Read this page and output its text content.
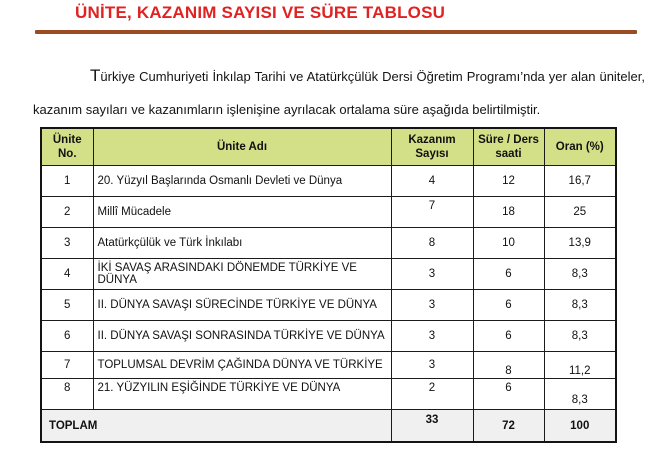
ÜNİTE, KAZANIM SAYISI VE SÜRE TABLOSU

Türkiye Cumhuriyeti İnkılap Tarihi ve Atatürkçülük Dersi Öğretim Programı’nda yer alan üniteler, kazanım sayıları ve kazanımların işlenişine ayrılacak ortalama süre aşağıda belirtilmiştir.

Ünite No.	Ünite Adı	Kazanım Sayısı	Süre / Ders saati	Oran (%)
1	20. Yüzyıl Başlarında Osmanlı Devleti ve Dünya	4	12	16,7
2	Millî Mücadele	7	18	25
3	Atatürkçülük ve Türk İnkılabı	8	10	13,9
4	İKİ SAVAŞ ARASINDAKI DÖNEMDE TÜRKİYE VE DÜNYA	3	6	8,3
5	II. DÜNYA SAVAŞI SÜRECİNDE TÜRKİYE VE DÜNYA	3	6	8,3
6	II. DÜNYA SAVAŞI SONRASINDA TÜRKİYE VE DÜNYA	3	6	8,3
7	TOPLUMSAL DEVRİM ÇAĞINDA DÜNYA VE TÜRKİYE	3	8	11,2
8	21. YÜZYILIN EŞİĞİNDE TÜRKİYE VE DÜNYA	2	6	8,3
TOPLAM		33	72	100
